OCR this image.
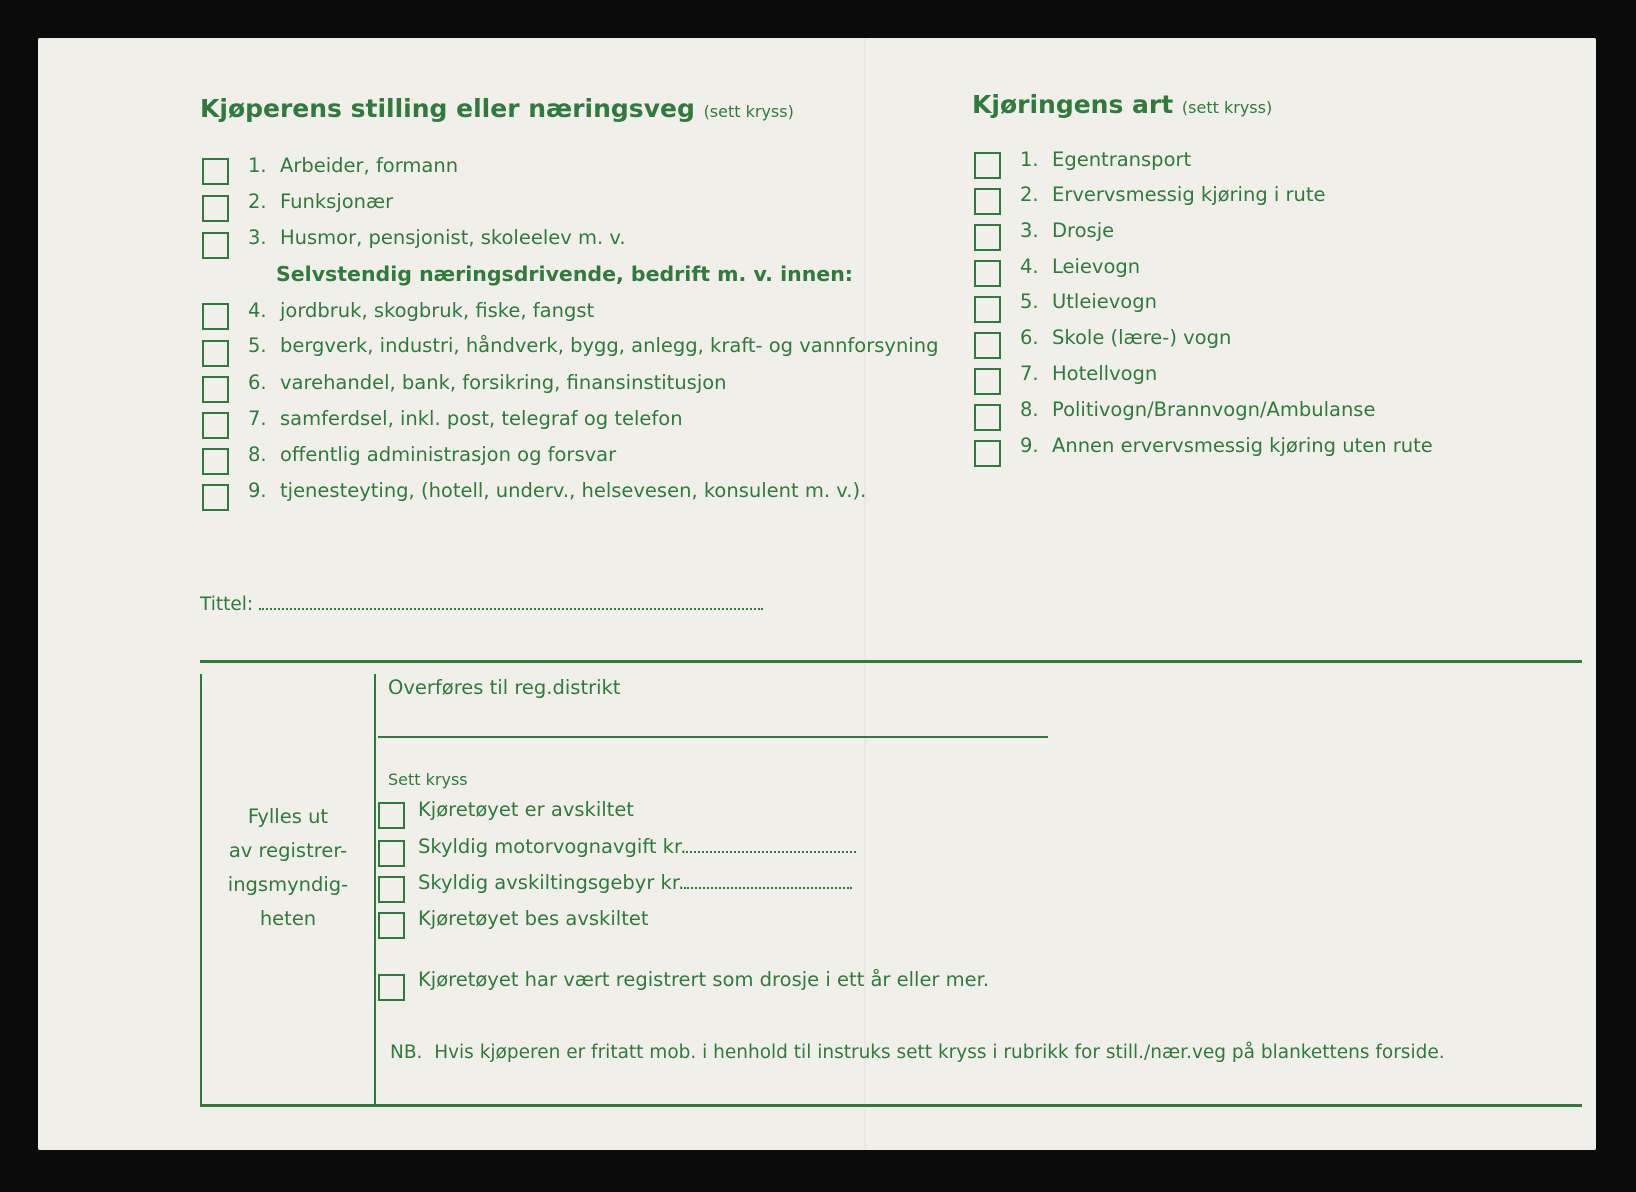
Kjøperens stilling eller næringsveg (sett kryss)
1. Arbeider, formann
2. Funksjonær
3. Husmor, pensjonist, skoleelev m. v.
Selvstendig næringsdrivende, bedrift m. v. innen:
4. jordbruk, skogbruk, fiske, fangst
5. bergverk, industri, håndverk, bygg, anlegg, kraft- og vannforsyning
6. varehandel, bank, forsikring, finansinstitusjon
7. samferdsel, inkl. post, telegraf og telefon
8. offentlig administrasjon og forsvar
9. tjenesteyting, (hotell, underv., helsevesen, konsulent m. v.).
Kjøringens art (sett kryss)
1. Egentransport
2. Ervervsmessig kjøring i rute
3. Drosje
4. Leievogn
5. Utleievogn
6. Skole (lære-) vogn
7. Hotellvogn
8. Politivogn/Brannvogn/Ambulanse
9. Annen ervervsmessig kjøring uten rute
Tittel:
Fylles ut
av registrer-
ingsmyndig-
heten
Overføres til reg.distrikt
Sett kryss
Kjøretøyet er avskiltet
Skyldig motorvognavgift kr.
Skyldig avskiltingsgebyr kr.
Kjøretøyet bes avskiltet
Kjøretøyet har vært registrert som drosje i ett år eller mer.
NB. Hvis kjøperen er fritatt mob. i henhold til instruks sett kryss i rubrikk for still./nær.veg på blankettens forside.
